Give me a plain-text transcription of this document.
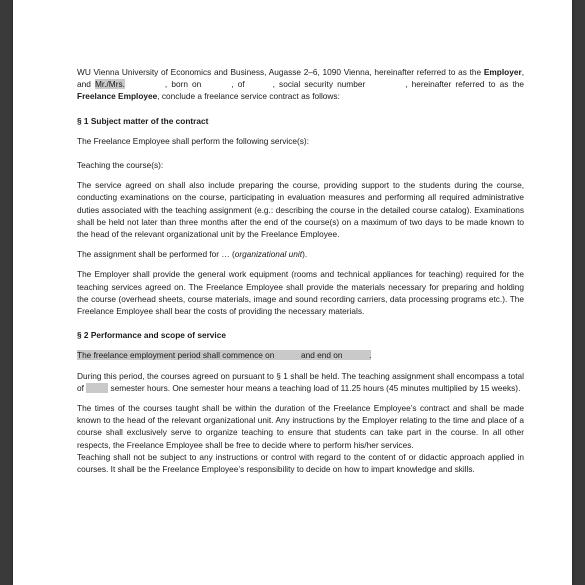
WU Vienna University of Economics and Business, Augasse 2–6, 1090 Vienna, hereinafter referred to as the Employer, and Mr./Mrs.	, born on	, of	, social security number	, hereinafter referred to as the Freelance Employee, conclude a freelance service contract as follows:

§ 1 Subject matter of the contract

The Freelance Employee shall perform the following service(s):

Teaching the course(s):

The service agreed on shall also include preparing the course, providing support to the students during the course, conducting examinations on the course, participating in evaluation measures and performing all required administrative duties associated with the teaching assignment (e.g.: describing the course in the detailed course catalog). Examinations shall be held not later than three months after the end of the course(s) on a maximum of two days to be made known to the head of the relevant organizational unit by the Freelance Employee.

The assignment shall be performed for … (organizational unit).

The Employer shall provide the general work equipment (rooms and technical appliances for teaching) required for the teaching services agreed on. The Freelance Employee shall provide the materials necessary for preparing and holding the course (overhead sheets, course materials, image and sound recording carriers, data processing programs etc.). The Freelance Employee shall bear the costs of providing the necessary materials.

§ 2 Performance and scope of service

The freelance employment period shall commence on	and end on	.

During this period, the courses agreed on pursuant to § 1 shall be held. The teaching assignment shall encompass a total of	semester hours. One semester hour means a teaching load of 11.25 hours (45 minutes multiplied by 15 weeks).

The times of the courses taught shall be within the duration of the Freelance Employee’s contract and shall be made known to the head of the relevant organizational unit. Any instructions by the Employer relating to the time and place of a course shall exclusively serve to organize teaching to ensure that students can take part in the course. In all other respects, the Freelance Employee shall be free to decide where to perform his/her services.

Teaching shall not be subject to any instructions or control with regard to the content of or didactic approach applied in courses. It shall be the Freelance Employee’s responsibility to decide on how to impart knowledge and skills.
